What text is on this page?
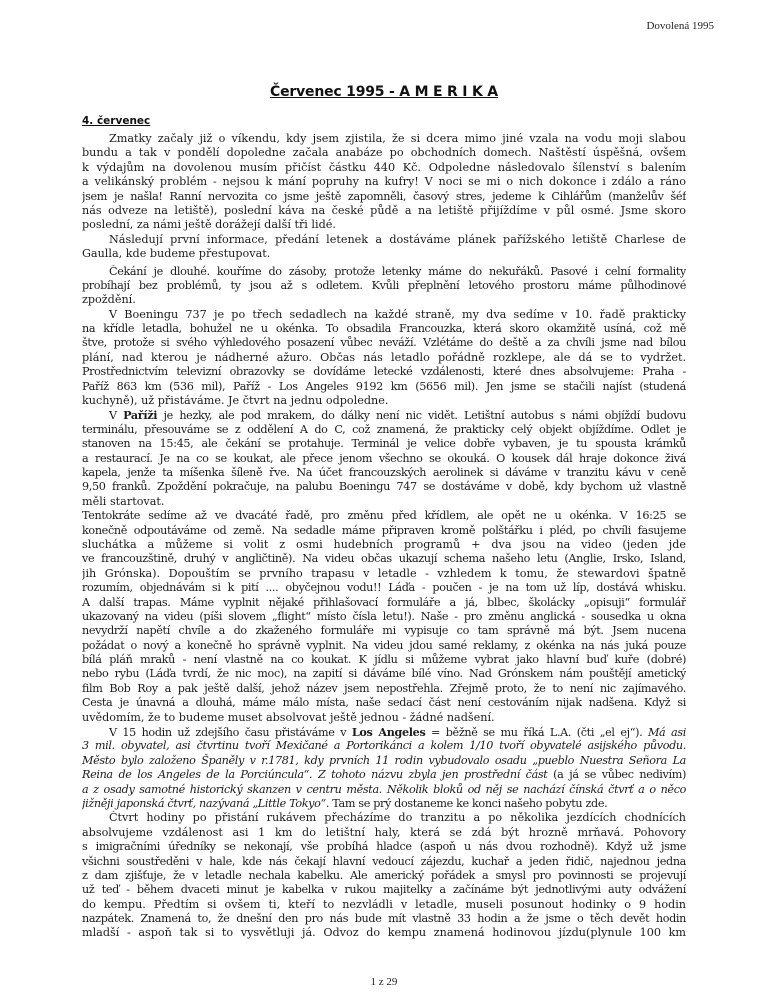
Dovolená 1995
Červenec 1995 - A M E R I K A
4. červenec
Zmatky začaly již o víkendu, kdy jsem zjistila, že si dcera mimo jiné vzala na vodu moji slabou
bundu a tak v pondělí dopoledne začala anabáze po obchodních domech. Naštěstí úspěšná, ovšem
k výdajům na dovolenou musím přičíst částku 440 Kč. Odpoledne následovalo šílenství s balením
a velikánský problém - nejsou k mání popruhy na kufry! V noci se mi o nich dokonce i zdálo a ráno
jsem je našla! Ranní nervozita co jsme ještě zapomněli, časový stres, jedeme k Cihlářům (manželův šéf
nás odveze na letiště), poslední káva na české půdě a na letiště přijíždíme v půl osmé. Jsme skoro
poslední, za námi ještě dorážejí další tři lidé.
Následují první informace, předání letenek a dostáváme plánek pařížského letiště Charlese de
Gaulla, kde budeme přestupovat.
Čekání je dlouhé. kouříme do zásoby, protože letenky máme do nekuřáků. Pasové i celní formality
probíhají bez problémů, ty jsou až s odletem. Kvůli přeplnění letového prostoru máme půlhodinové
zpoždění.
V Boeningu 737 je po třech sedadlech na každé straně, my dva sedíme v 10. řadě prakticky
na křídle letadla, bohužel ne u okénka. To obsadila Francouzka, která skoro okamžitě usíná, což mě
štve, protože si svého výhledového posazení vůbec neváží. Vzlétáme do deště a za chvíli jsme nad bílou
plání, nad kterou je nádherné ažuro. Občas nás letadlo pořádně rozklepe, ale dá se to vydržet.
Prostřednictvím televizní obrazovky se dovídáme letecké vzdálenosti, které dnes absolvujeme: Praha -
Paříž 863 km (536 mil), Paříž - Los Angeles 9192 km (5656 mil). Jen jsme se stačili najíst (studená
kuchyně), už přistáváme. Je čtvrt na jednu odpoledne.
V Paříži je hezky, ale pod mrakem, do dálky není nic vidět. Letištní autobus s námi objíždí budovu
terminálu, přesouváme se z oddělení A do C, což znamená, že prakticky celý objekt objíždíme. Odlet je
stanoven na 15:45, ale čekání se protahuje. Terminál je velice dobře vybaven, je tu spousta krámků
a restaurací. Je na co se koukat, ale přece jenom všechno se okouká. O kousek dál hraje dokonce živá
kapela, jenže ta míšenka šíleně řve. Na účet francouzských aerolinek si dáváme v tranzitu kávu v ceně
9,50 franků. Zpoždění pokračuje, na palubu Boeningu 747 se dostáváme v době, kdy bychom už vlastně
měli startovat.
Tentokráte sedíme až ve dvacáté řadě, pro změnu před křídlem, ale opět ne u okénka. V 16:25 se
konečně odpoutáváme od země. Na sedadle máme připraven kromě polštářku i pléd, po chvíli fasujeme
sluchátka a můžeme si volit z osmi hudebních programů + dva jsou na video (jeden jde
ve francouzštině, druhý v angličtině). Na videu občas ukazují schema našeho letu (Anglie, Irsko, Island,
jih Grónska). Dopouštím se prvního trapasu v letadle - vzhledem k tomu, že stewardovi špatně
rozumím, objednávám si k pití .... obyčejnou vodu!! Láďa - poučen - je na tom už líp, dostává whisku.
A další trapas. Máme vyplnit nějaké přihlašovací formuláře a já, blbec, školácky „opisuji“ formulář
ukazovaný na videu (píši slovem „flight“ místo čísla letu!). Naše - pro změnu anglická - sousedka u okna
nevydrží napětí chvíle a do zkaženého formuláře mi vypisuje co tam správně má být. Jsem nucena
požádat o nový a konečně ho správně vyplnit. Na videu jdou samé reklamy, z okénka na nás juká pouze
bílá pláň mraků - není vlastně na co koukat. K jídlu si můžeme vybrat jako hlavní buď kuře (dobré)
nebo rybu (Láďa tvrdí, že nic moc), na zapití si dáváme bílé víno. Nad Grónskem nám pouštějí ametický
film Bob Roy a pak ještě další, jehož název jsem nepostřehla. Zřejmě proto, že to není nic zajímavého.
Cesta je únavná a dlouhá, máme málo místa, naše sedací část není cestováním nijak nadšena. Když si
uvědomím, že to budeme muset absolvovat ještě jednou - žádné nadšení.
V 15 hodin už zdejšího času přistáváme v Los Angeles = běžně se mu říká L.A. (čti „el ej“). Má asi
3 mil. obyvatel, asi čtvrtinu tvoří Mexičané a Portorikánci a kolem 1/10 tvoří obyvatelé asijského původu.
Město bylo založeno Španěly v r.1781, kdy prvních 11 rodin vybudovalo osadu „pueblo Nuestra Señora La
Reina de los Angeles de la Porciúncula“. Z tohoto názvu zbyla jen prostřední část (a já se vůbec nedivím)
a z osady samotné historický skanzen v centru města. Několik bloků od něj se nachází čínská čtvrť a o něco
jižněji japonská čtvrť, nazývaná „Little Tokyo“. Tam se prý dostaneme ke konci našeho pobytu zde.
Čtvrt hodiny po přistání rukávem přecházíme do tranzitu a po několika jezdících chodnících
absolvujeme vzdálenost asi 1 km do letištní haly, která se zdá být hrozně mrňavá. Pohovory
s imigračními úředníky se nekonají, vše probíhá hladce (aspoň u nás dvou rozhodně). Když už jsme
všichni soustředěni v hale, kde nás čekají hlavní vedoucí zájezdu, kuchař a jeden řidič, najednou jedna
z dam zjišťuje, že v letadle nechala kabelku. Ale americký pořádek a smysl pro povinnosti se projevují
už teď - během dvaceti minut je kabelka v rukou majitelky a začínáme být jednotlivými auty odvážení
do kempu. Předtím si ovšem ti, kteří to nezvládli v letadle, museli posunout hodinky o 9 hodin
nazpátek. Znamená to, že dnešní den pro nás bude mít vlastně 33 hodin a že jsme o těch devět hodin
mladší - aspoň tak si to vysvětluji já. Odvoz do kempu znamená hodinovou jízdu(plynule 100 km
1 z 29
